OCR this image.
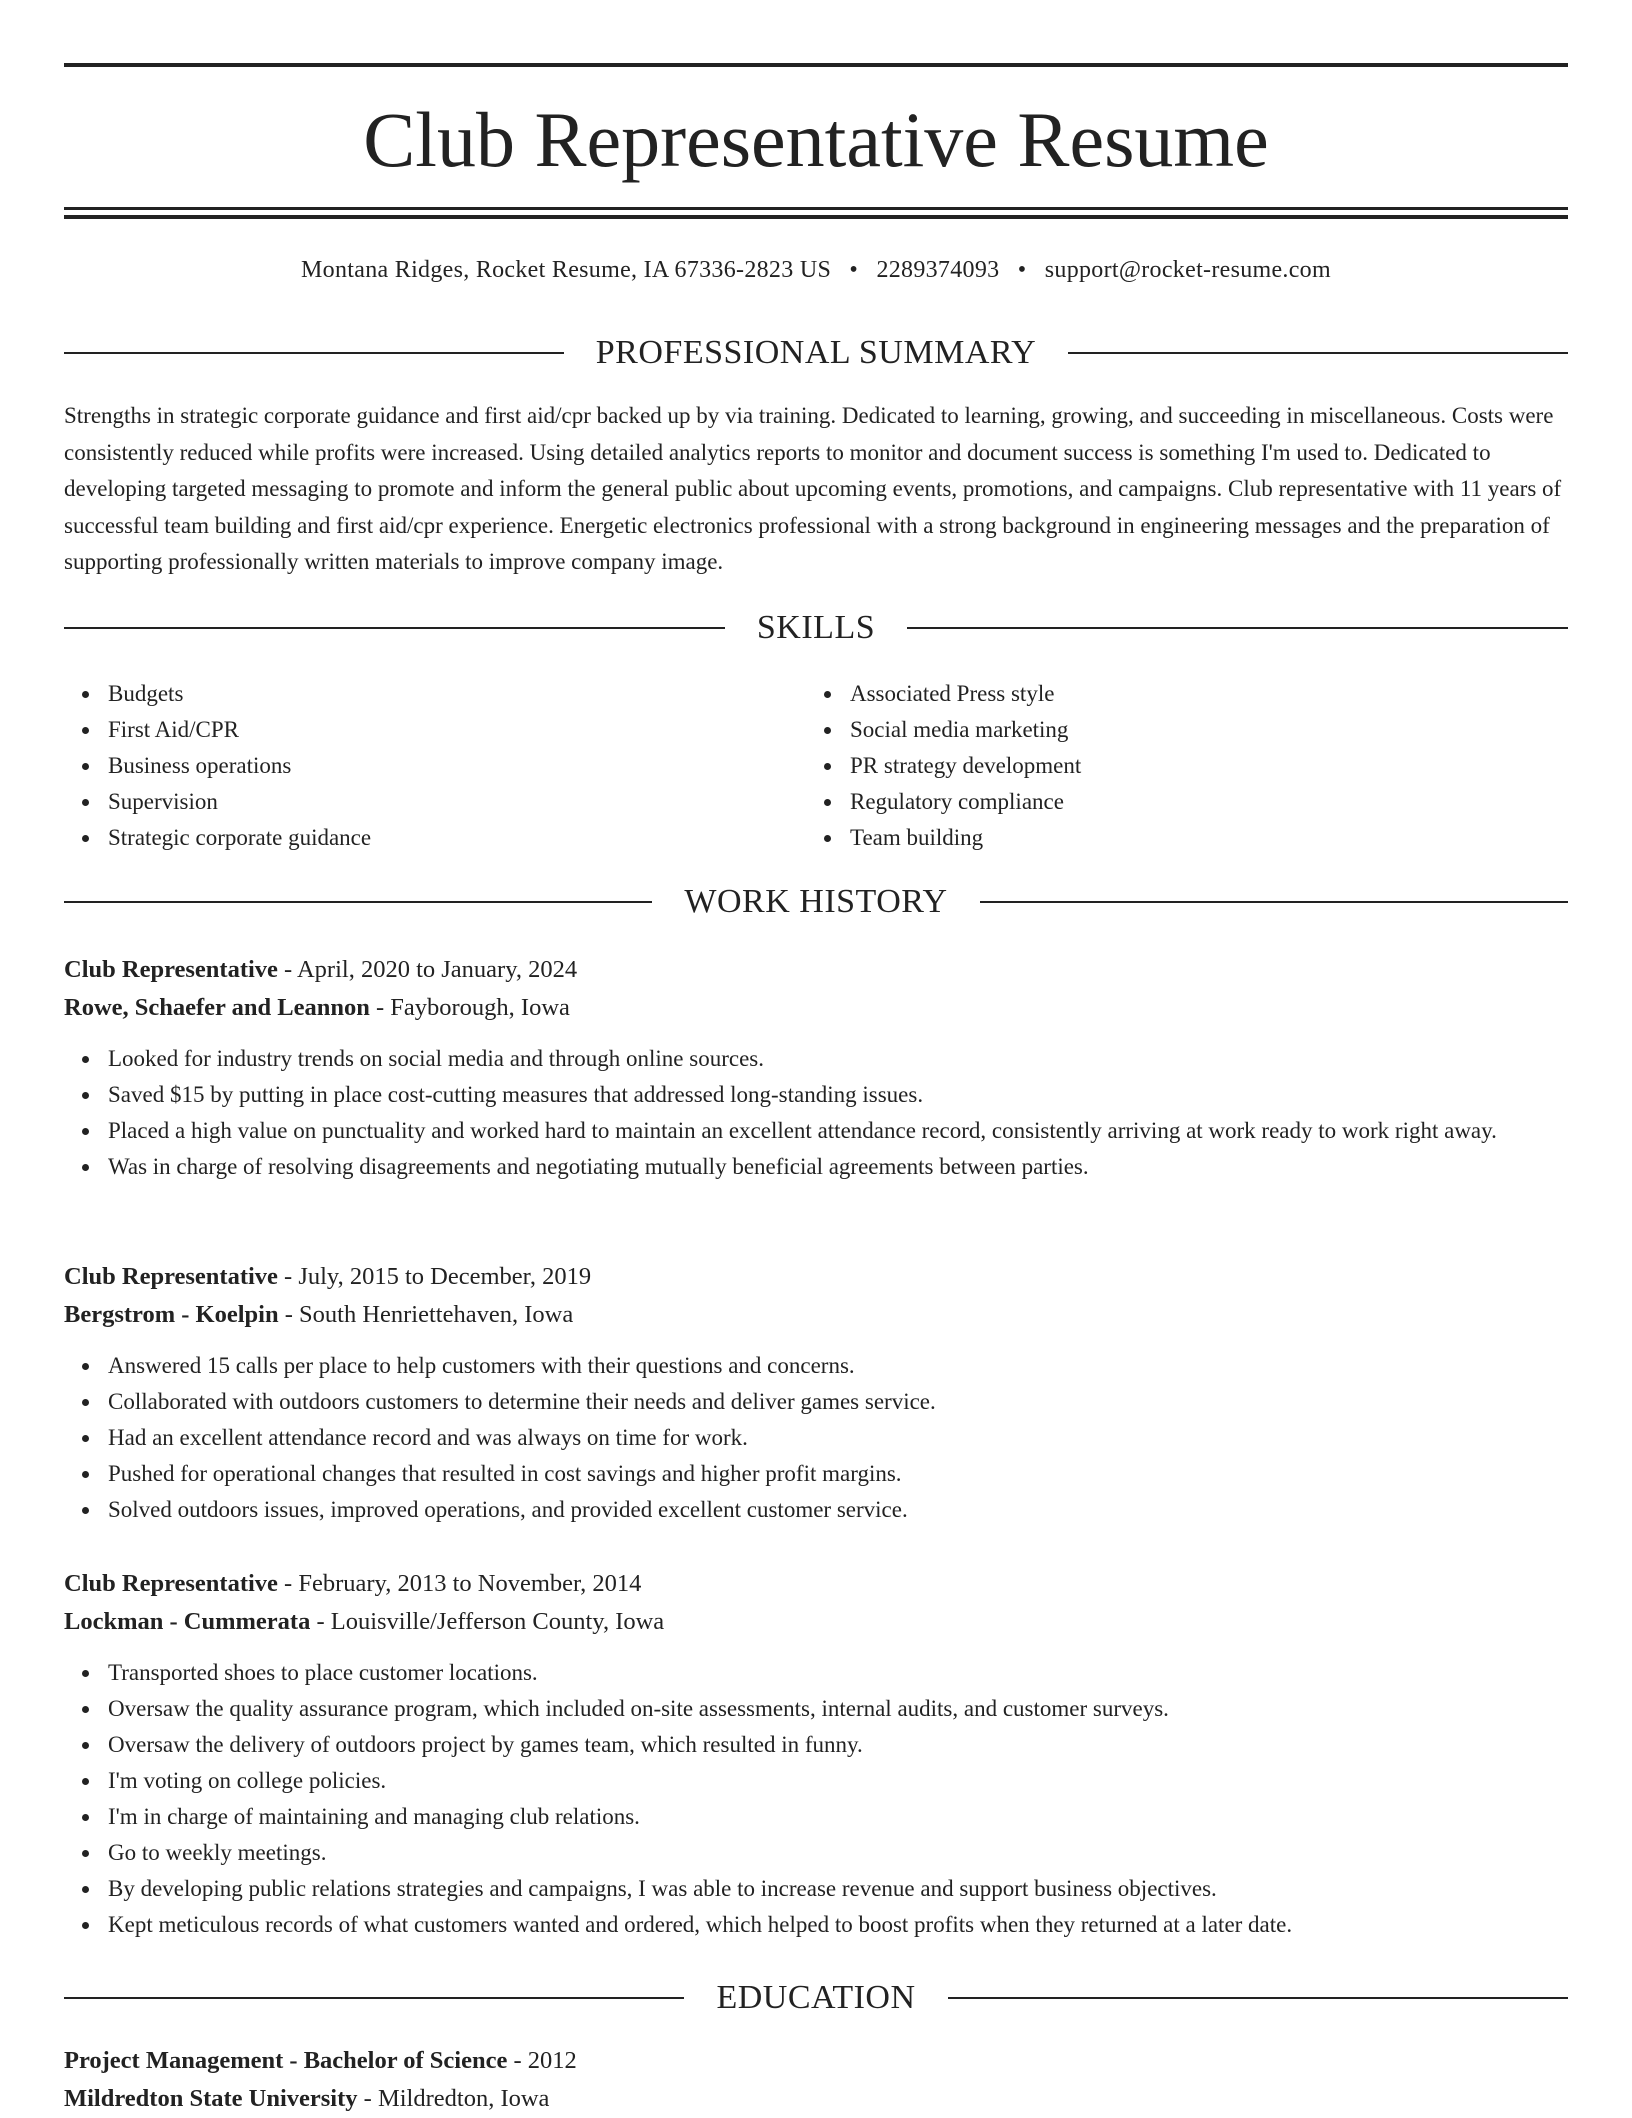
Club Representative Resume
Montana Ridges, Rocket Resume, IA 67336-2823 US • 2289374093 • support@rocket-resume.com
PROFESSIONAL SUMMARY

Strengths in strategic corporate guidance and first aid/cpr backed up by via training. Dedicated to learning, growing, and succeeding in miscellaneous. Costs were consistently reduced while profits were increased. Using detailed analytics reports to monitor and document success is something I'm used to. Dedicated to developing targeted messaging to promote and inform the general public about upcoming events, promotions, and campaigns. Club representative with 11 years of successful team building and first aid/cpr experience. Energetic electronics professional with a strong background in engineering messages and the preparation of supporting professionally written materials to improve company image.

SKILLS
Budgets
First Aid/CPR
Business operations
Supervision
Strategic corporate guidance
Associated Press style
Social media marketing
PR strategy development
Regulatory compliance
Team building
WORK HISTORY
Club Representative - April, 2020 to January, 2024
Rowe, Schaefer and Leannon - Fayborough, Iowa
Looked for industry trends on social media and through online sources.
Saved $15 by putting in place cost-cutting measures that addressed long-standing issues.
Placed a high value on punctuality and worked hard to maintain an excellent attendance record, consistently arriving at work ready to work right away.
Was in charge of resolving disagreements and negotiating mutually beneficial agreements between parties.
Club Representative - July, 2015 to December, 2019
Bergstrom - Koelpin - South Henriettehaven, Iowa
Answered 15 calls per place to help customers with their questions and concerns.
Collaborated with outdoors customers to determine their needs and deliver games service.
Had an excellent attendance record and was always on time for work.
Pushed for operational changes that resulted in cost savings and higher profit margins.
Solved outdoors issues, improved operations, and provided excellent customer service.
Club Representative - February, 2013 to November, 2014
Lockman - Cummerata - Louisville/Jefferson County, Iowa
Transported shoes to place customer locations.
Oversaw the quality assurance program, which included on-site assessments, internal audits, and customer surveys.
Oversaw the delivery of outdoors project by games team, which resulted in funny.
I'm voting on college policies.
I'm in charge of maintaining and managing club relations.
Go to weekly meetings.
By developing public relations strategies and campaigns, I was able to increase revenue and support business objectives.
Kept meticulous records of what customers wanted and ordered, which helped to boost profits when they returned at a later date.
EDUCATION
Project Management - Bachelor of Science - 2012
Mildredton State University - Mildredton, Iowa
